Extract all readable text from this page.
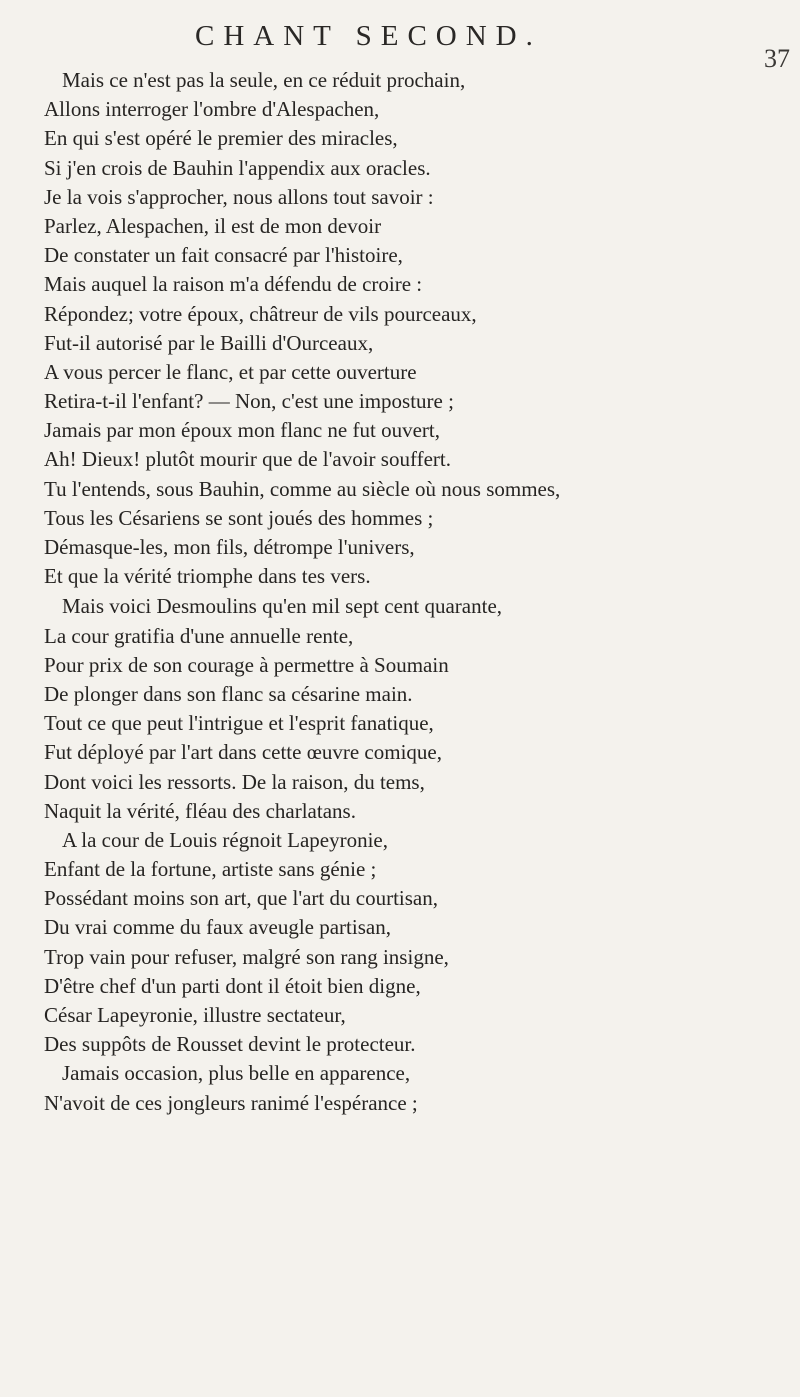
CHANT SECOND.
37
Mais ce n'est pas la seule, en ce réduit prochain,
Allons interroger l'ombre d'Alespachen,
En qui s'est opéré le premier des miracles,
Si j'en crois de Bauhin l'appendix aux oracles.
Je la vois s'approcher, nous allons tout savoir :
Parlez, Alespachen, il est de mon devoir
De constater un fait consacré par l'histoire,
Mais auquel la raison m'a défendu de croire :
Répondez; votre époux, châtreur de vils pourceaux,
Fut-il autorisé par le Bailli d'Ourceaux,
A vous percer le flanc, et par cette ouverture
Retira-t-il l'enfant? — Non, c'est une imposture ;
Jamais par mon époux mon flanc ne fut ouvert,
Ah! Dieux! plutôt mourir que de l'avoir souffert.
Tu l'entends, sous Bauhin, comme au siècle où nous sommes,
Tous les Césariens se sont joués des hommes ;
Démasque-les, mon fils, détrompe l'univers,
Et que la vérité triomphe dans tes vers.
Mais voici Desmoulins qu'en mil sept cent quarante,
La cour gratifia d'une annuelle rente,
Pour prix de son courage à permettre à Soumain
De plonger dans son flanc sa césarine main.
Tout ce que peut l'intrigue et l'esprit fanatique,
Fut déployé par l'art dans cette œuvre comique,
Dont voici les ressorts. De la raison, du tems,
Naquit la vérité, fléau des charlatans.
A la cour de Louis régnoit Lapeyronie,
Enfant de la fortune, artiste sans génie ;
Possédant moins son art, que l'art du courtisan,
Du vrai comme du faux aveugle partisan,
Trop vain pour refuser, malgré son rang insigne,
D'être chef d'un parti dont il étoit bien digne,
César Lapeyronie, illustre sectateur,
Des suppôts de Rousset devint le protecteur.
Jamais occasion, plus belle en apparence,
N'avoit de ces jongleurs ranimé l'espérance ;
